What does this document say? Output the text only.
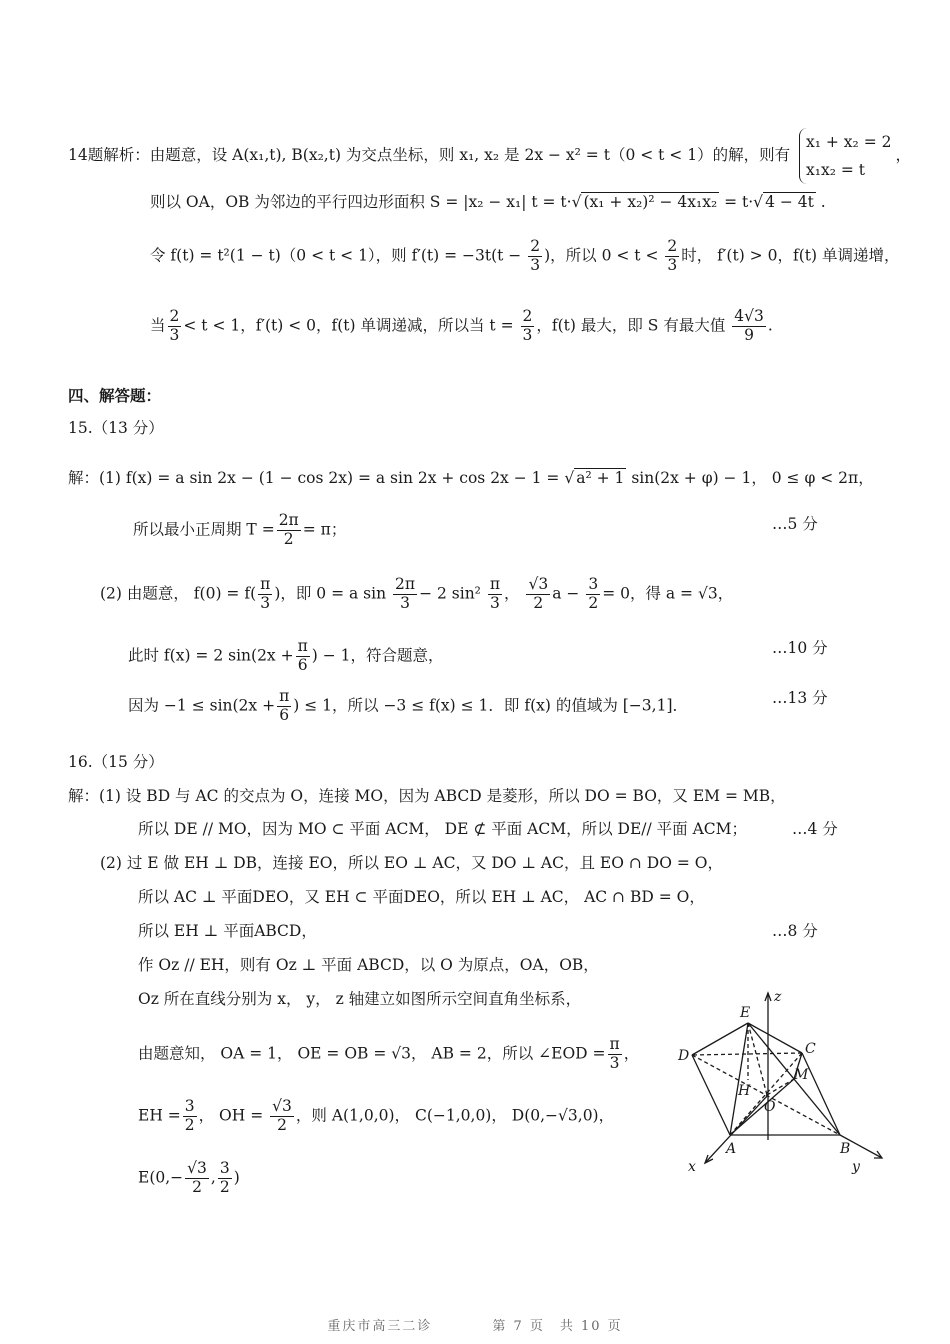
14题解析：由题意，设 A(x₁,t), B(x₂,t) 为交点坐标，则 x₁, x₂ 是 2x − x² = t（0 < t < 1）的解，则有
x₁ + x₂ = 2
x₁x₂ = t
，
则以 OA，OB 为邻边的平行四边形面积 S = |x₂ − x₁| t = t·√ (x₁ + x₂)² − 4x₁x₂ = t·√ 4 − 4t .
令 f(t) = t²(1 − t)（0 < t < 1），则 $f'(t) = -3t(t - \frac{2}{3}$ )，所以 $0 < t < \frac{2}{3}$ 时， f′(t) > 0，f(t) 单调递增，
当 $\frac{2}{3} < t < 1$，f′(t) < 0，f(t) 单调递减，所以当 $t = \frac{2}{3}$ ，f(t) 最大，即 S 有最大值 $\frac{4√3}{9}$ .
四、解答题：
15.（13 分）
解：(1) f(x) = a sin 2x − (1 − cos 2x) = a sin 2x + cos 2x − 1 = √ a² + 1 sin(2x + φ) − 1， 0 ≤ φ < 2π，
所以最小正周期 $T = \frac{2\pi}{2} = \pi$；	…5 分
(2) 由题意， $f(0) = f( \frac{\pi}{3}$ )，即 0 = a $\sin \frac{2\pi}{3} - 2$ $\sin^2 \frac{\pi}{3}$ ， $\frac{√3}{2}$ $a - \frac{3}{2} = 0$，得 a = √3，
此时 f(x) = 2 $\sin(2x + \frac{\pi}{6}$ ) − 1，符合题意，	…10 分
因为 $-1 \le \sin(2x + \frac{\pi}{6}$ ) ≤ 1，所以 −3 ≤ f(x) ≤ 1．即 f(x) 的值域为 [−3,1]．	…13 分
16.（15 分）
解：(1) 设 BD 与 AC 的交点为 O，连接 MO，因为 ABCD 是菱形，所以 DO = BO，又 EM = MB，
所以 DE // MO，因为 MO ⊂ 平面 ACM， DE ⊄ 平面 ACM，所以 DE// 平面 ACM；	…4 分
(2) 过 E 做 EH ⊥ DB，连接 EO，所以 EO ⊥ AC，又 DO ⊥ AC，且 EO ∩ DO = O，
所以 AC ⊥ 平面DEO，又 EH ⊂ 平面DEO，所以 EH ⊥ AC， AC ∩ BD = O，
所以 EH ⊥ 平面ABCD，	…8 分
作 Oz // EH，则有 Oz ⊥ 平面 ABCD，以 O 为原点，OA，OB，
Oz 所在直线分别为 x， y， z 轴建立如图所示空间直角坐标系，
由题意知， OA = 1， OE = OB = √3， AB = 2，所以 ∠EOD = $\frac{\pi}{3}$ ，
EH = $\frac{3}{2}$ ， OH = $\frac{√3}{2}$ ，则 A(1,0,0)， C(−1,0,0)， D(0,−√3,0)，
$E(0,- \frac{√3}{2}$ , $\frac{3}{2}$ )
z
E
D	C
M
H
O
A	B
x	y
重庆市高三二诊　　　　第 7 页　共 10 页
